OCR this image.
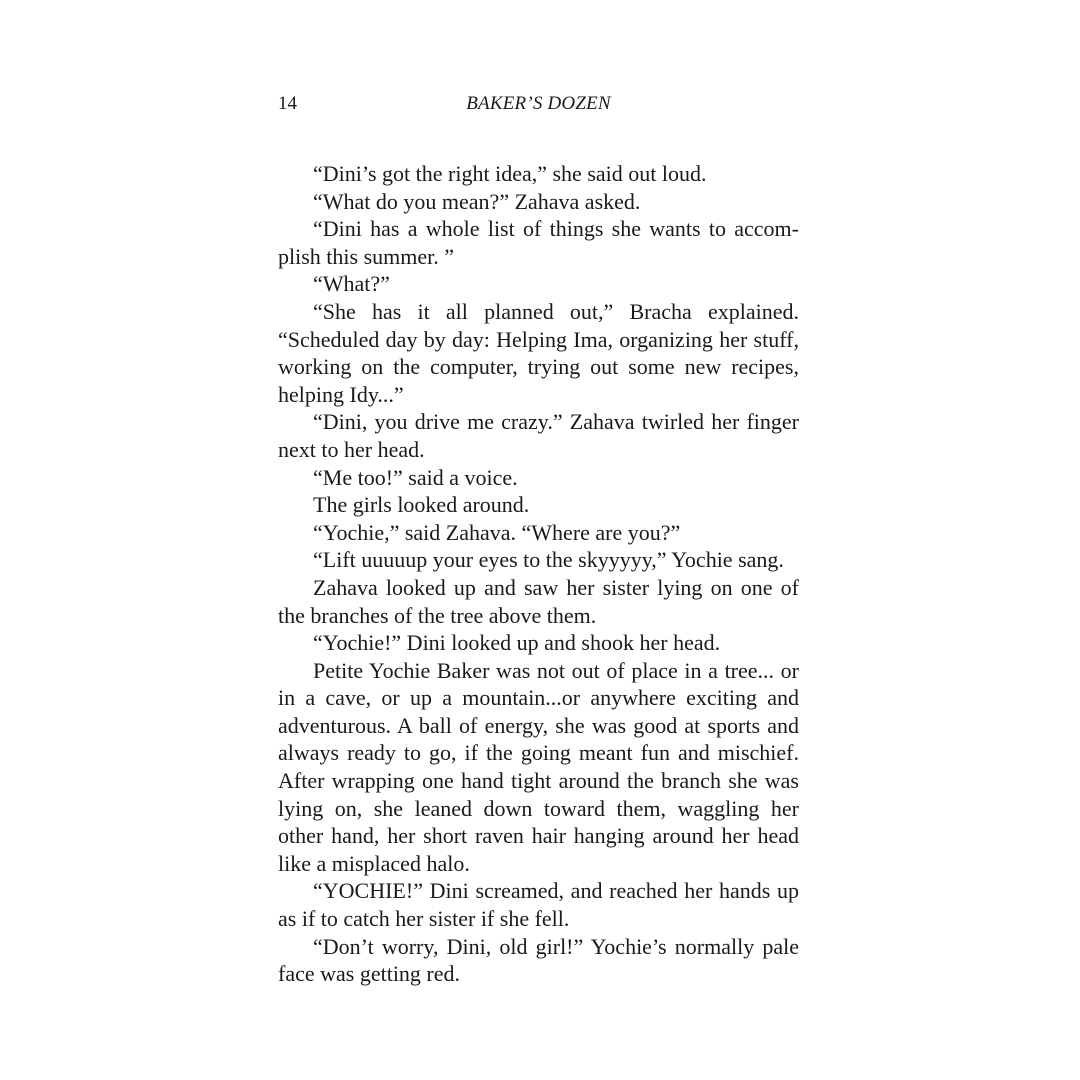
14	BAKER’S DOZEN

“Dini’s got the right idea,” she said out loud.

“What do you mean?” Zahava asked.

“Dini has a whole list of things she wants to accomplish this summer. ”

“What?”

“She has it all planned out,” Bracha explained. “Scheduled day by day: Helping Ima, organizing her stuff, working on the computer, trying out some new recipes, helping Idy...”

“Dini, you drive me crazy.” Zahava twirled her finger next to her head.

“Me too!” said a voice.

The girls looked around.

“Yochie,” said Zahava. “Where are you?”

“Lift uuuuup your eyes to the skyyyyy,” Yochie sang.

Zahava looked up and saw her sister lying on one of the branches of the tree above them.

“Yochie!” Dini looked up and shook her head.

Petite Yochie Baker was not out of place in a tree... or in a cave, or up a mountain...or anywhere exciting and adventurous. A ball of energy, she was good at sports and always ready to go, if the going meant fun and mischief. After wrapping one hand tight around the branch she was lying on, she leaned down toward them, waggling her other hand, her short raven hair hanging around her head like a misplaced halo.

“YOCHIE!” Dini screamed, and reached her hands up as if to catch her sister if she fell.

“Don’t worry, Dini, old girl!” Yochie’s normally pale face was getting red.
